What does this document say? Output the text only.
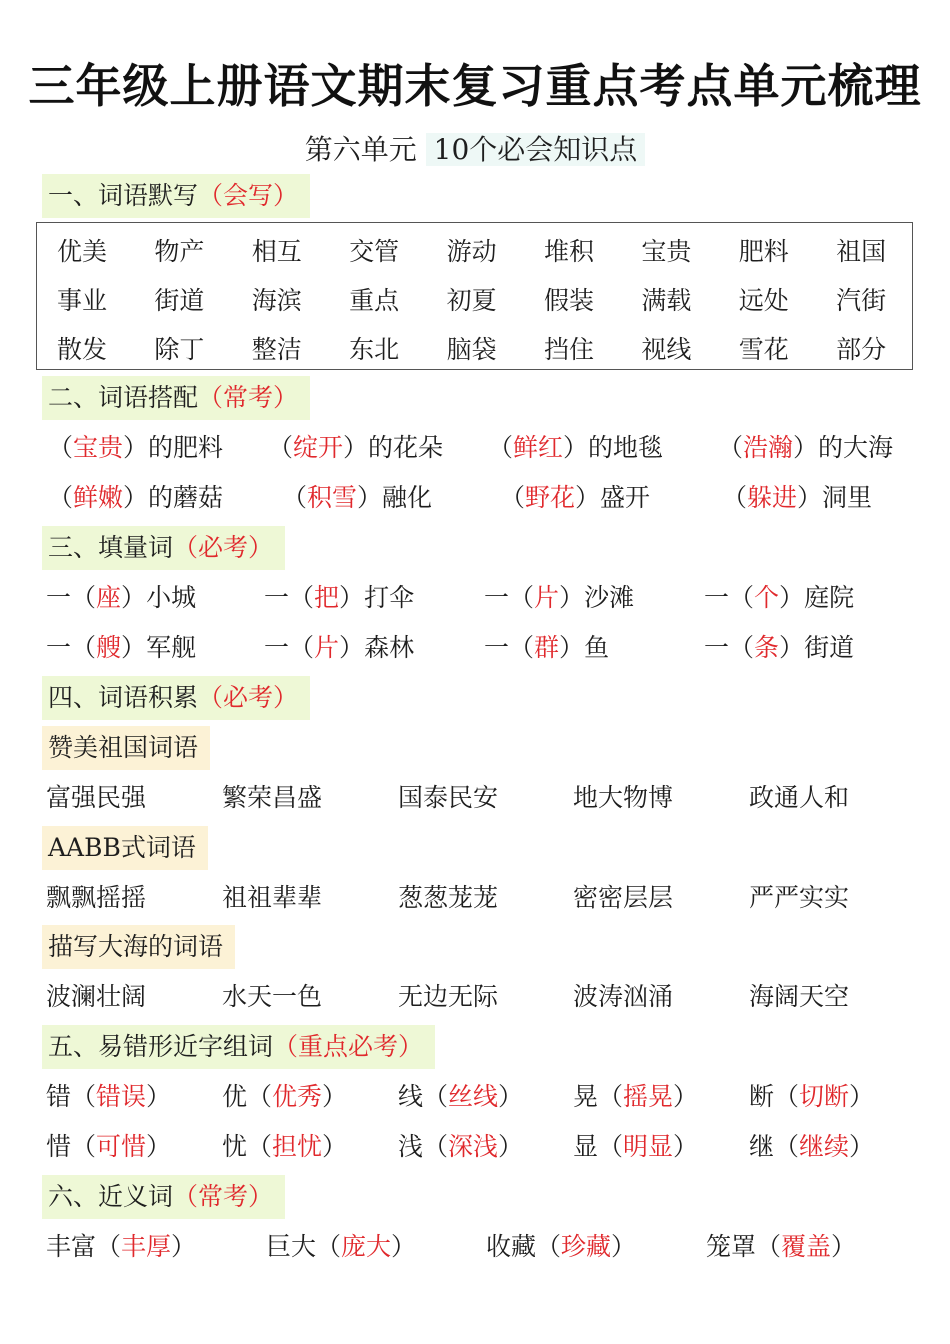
三年级上册语文期末复习重点考点单元梳理
第六单元 10个必会知识点
一、词语默写（会写）
优美	物产	相互	交管	游动	堆积	宝贵	肥料	祖国
事业	街道	海滨	重点	初夏	假装	满载	远处	汽街
散发	除丁	整洁	东北	脑袋	挡住	视线	雪花	部分
二、词语搭配（常考）
（宝贵）的肥料 （绽开）的花朵 （鲜红）的地毯 （浩瀚）的大海
（鲜嫩）的蘑菇 （积雪）融化	（野花）盛开	（躲进）洞里
三、填量词（必考）
一（座）小城	一（把）打伞	一（片）沙滩	一（个）庭院
一（艘）军舰	一（片）森林	一（群）鱼	一（条）街道
四、词语积累（必考）
赞美祖国词语
富强民强	繁荣昌盛	国泰民安	地大物博	政通人和
AABB式词语
飘飘摇摇	祖祖辈辈	葱葱茏茏	密密层层	严严实实
描写大海的词语
波澜壮阔	水天一色	无边无际	波涛汹涌	海阔天空
五、易错形近字组词（重点必考）
错（错误） 优（优秀） 线（丝线） 晃（摇晃） 断（切断）
惜（可惜） 忧（担忧） 浅（深浅） 显（明显） 继（继续）
六、近义词（常考）
丰富（丰厚）	巨大（庞大）	收藏（珍藏）	笼罩（覆盖）
